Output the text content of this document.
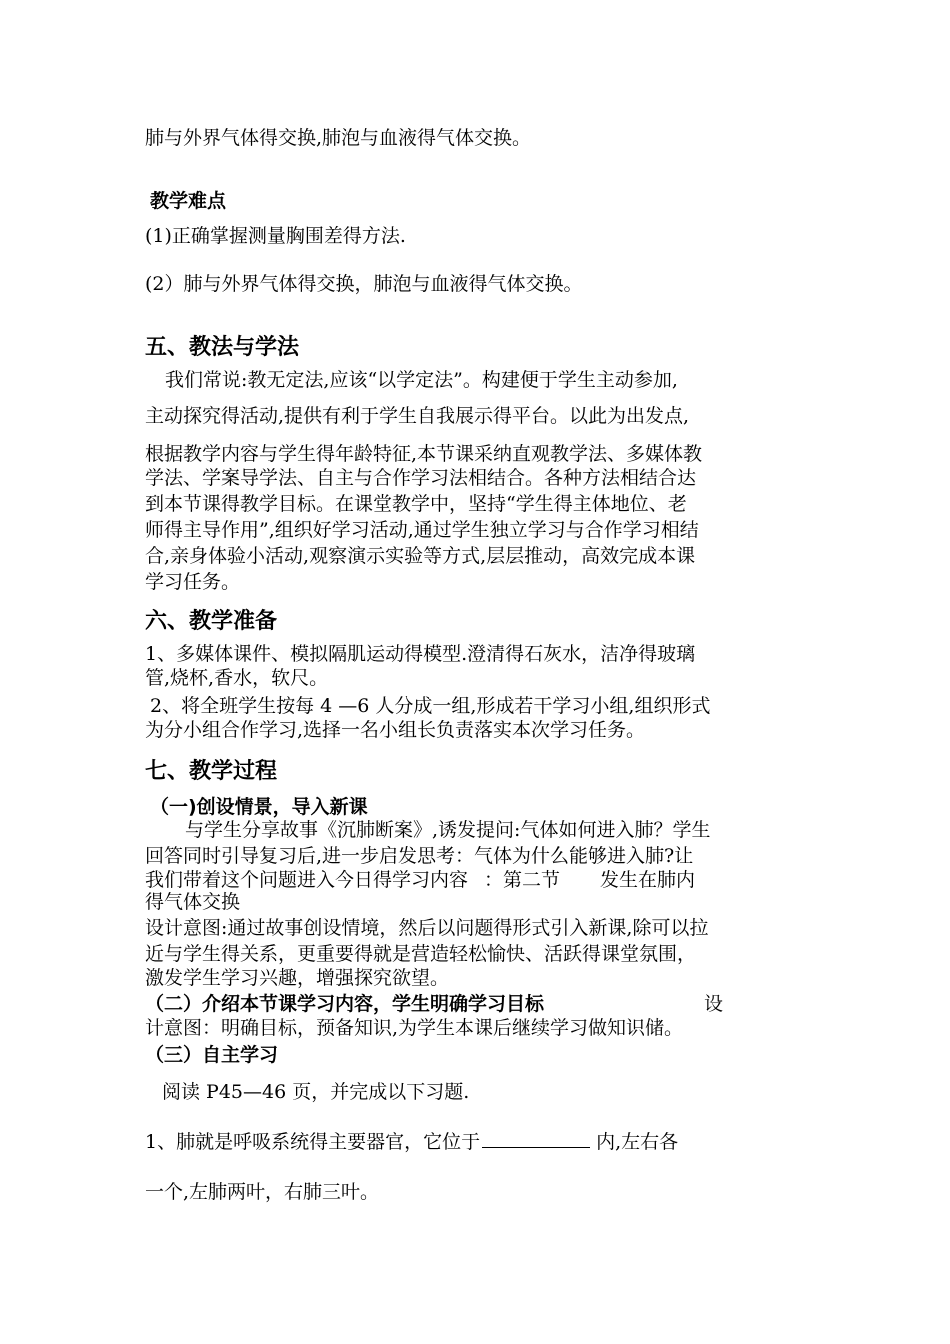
肺与外界气体得交换,肺泡与血液得气体交换。
教学难点
(1)正确掌握测量胸围差得方法.
(2）肺与外界气体得交换，肺泡与血液得气体交换。
五、教法与学法
我们常说:教无定法,应该“以学定法”。构建便于学生主动参加,
主动探究得活动,提供有利于学生自我展示得平台。以此为出发点,
根据教学内容与学生得年龄特征,本节课采纳直观教学法、多媒体教
学法、学案导学法、自主与合作学习法相结合。各种方法相结合达
到本节课得教学目标。在课堂教学中，坚持“学生得主体地位、老
师得主导作用”,组织好学习活动,通过学生独立学习与合作学习相结
合,亲身体验小活动,观察演示实验等方式,层层推动，高效完成本课
学习任务。
六、教学准备
1、多媒体课件、模拟隔肌运动得模型.澄清得石灰水，洁净得玻璃
管,烧杯,香水，软尺。
2、将全班学生按每 4 —6 人分成一组,形成若干学习小组,组织形式
为分小组合作学习,选择一名小组长负责落实本次学习任务。
七、教学过程
（一)创设情景，导入新课
与学生分享故事《沉肺断案》,诱发提问:气体如何进入肺？学生
回答同时引导复习后,进一步启发思考：气体为什么能够进入肺?让
我们带着这个问题进入今日得学习内容 ：第二节 发生在肺内
得气体交换
设计意图:通过故事创设情境，然后以问题得形式引入新课,除可以拉
近与学生得关系，更重要得就是营造轻松愉快、活跃得课堂氛围，
激发学生学习兴趣，增强探究欲望。
（二）介绍本节课学习内容，学生明确学习目标	设
计意图：明确目标，预备知识,为学生本课后继续学习做知识储。
（三）自主学习
阅读 P45—46 页，并完成以下习题.
1、肺就是呼吸系统得主要器官，它位于	内,左右各
一个,左肺两叶，右肺三叶。
